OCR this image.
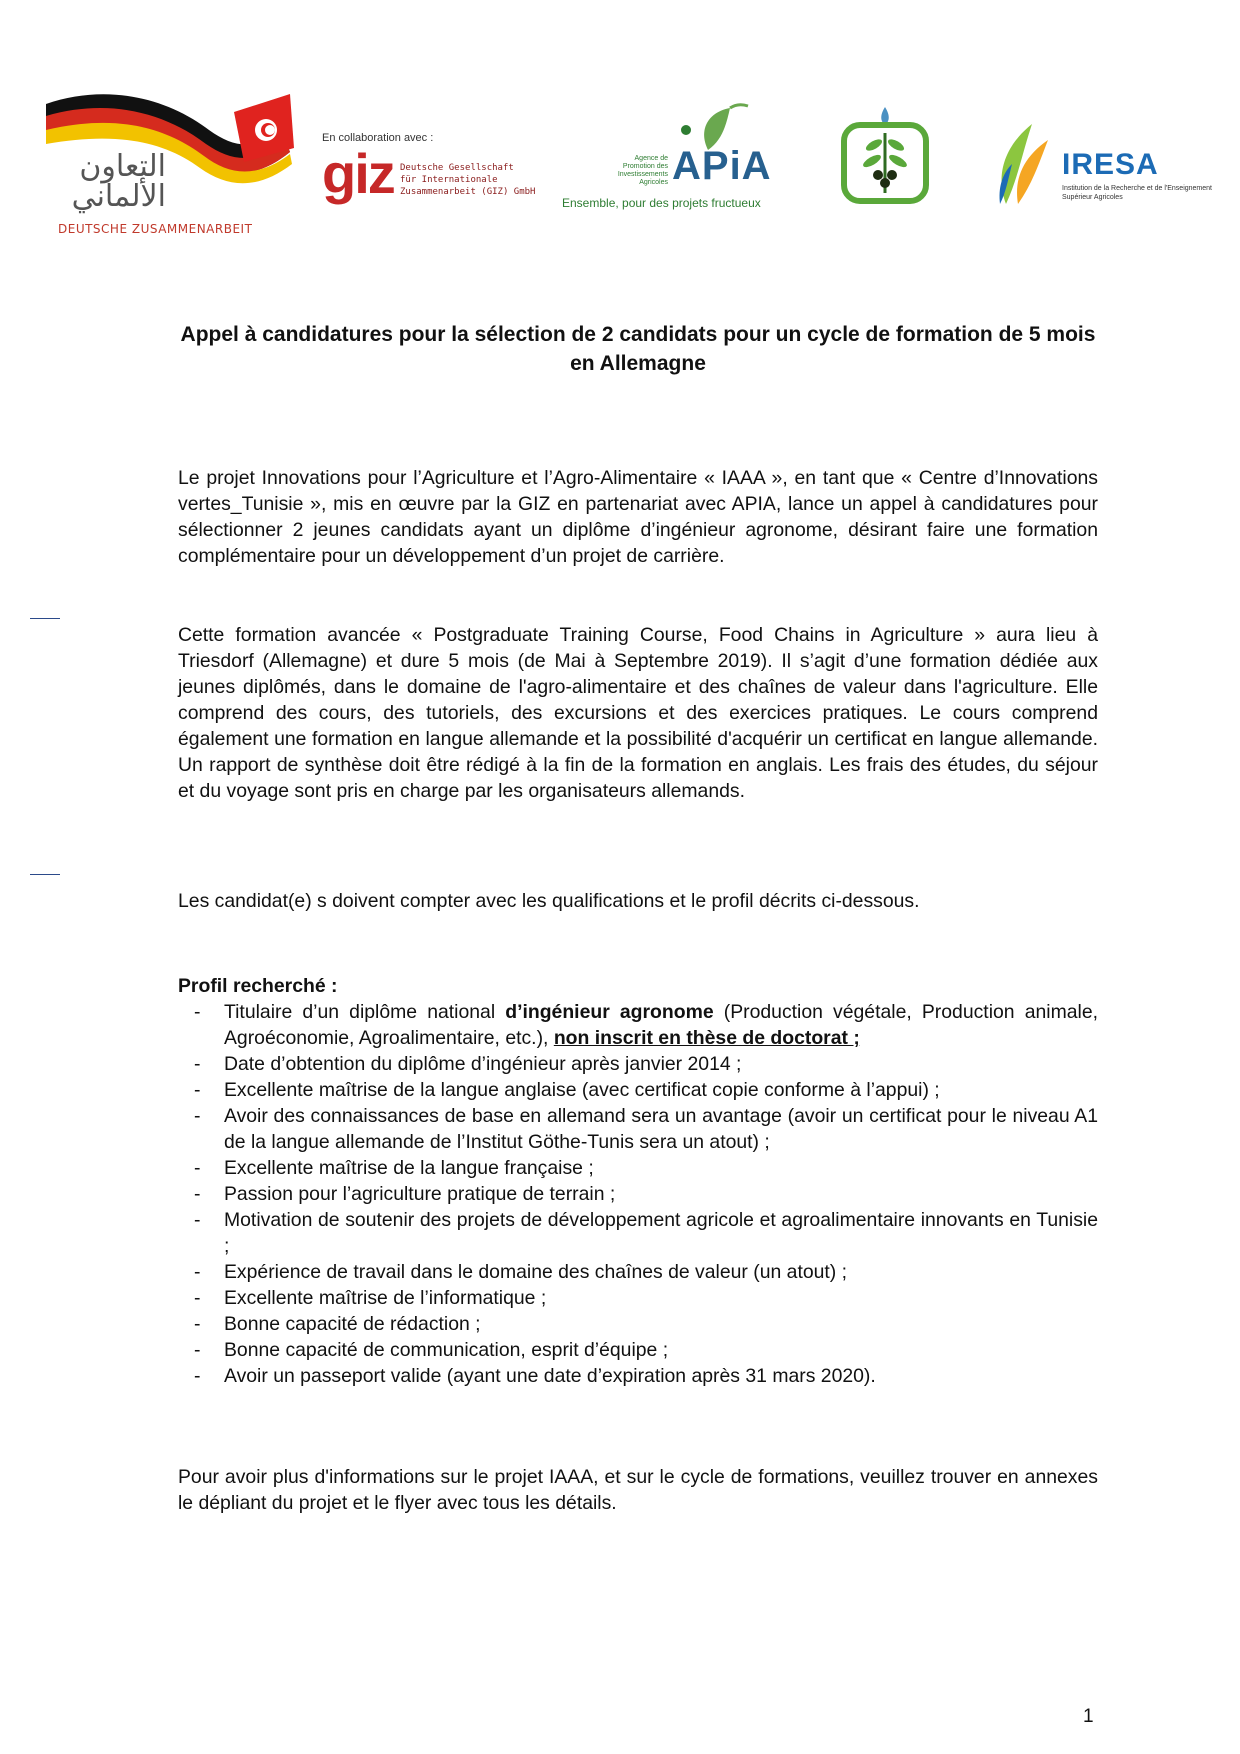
التعاون الألماني
DEUTSCHE ZUSAMMENARBEIT
En collaboration avec :
giz Deutsche Gesellschaft
für Internationale
Zusammenarbeit (GIZ) GmbH
Agence de Promotion des Investissements Agricoles APiA
Ensemble, pour des projets fructueux
IRESA
Institution de la Recherche et de l'Enseignement Supérieur Agricoles
Appel à candidatures pour la sélection de 2 candidats pour un cycle de formation de 5 mois en Allemagne

Le projet Innovations pour l’Agriculture et l’Agro-Alimentaire « IAAA », en tant que « Centre d’Innovations vertes_Tunisie », mis en œuvre par la GIZ en partenariat avec APIA, lance un appel à candidatures pour sélectionner 2 jeunes candidats ayant un diplôme d’ingénieur agronome, désirant faire une formation complémentaire pour un développement d’un projet de carrière.

Cette formation avancée « Postgraduate Training Course, Food Chains in Agriculture » aura lieu à Triesdorf (Allemagne) et dure 5 mois (de Mai à Septembre 2019). Il s’agit d’une formation dédiée aux jeunes diplômés, dans le domaine de l'agro-alimentaire et des chaînes de valeur dans l'agriculture. Elle comprend des cours, des tutoriels, des excursions et des exercices pratiques. Le cours comprend également une formation en langue allemande et la possibilité d'acquérir un certificat en langue allemande. Un rapport de synthèse doit être rédigé à la fin de la formation en anglais. Les frais des études, du séjour et du voyage sont pris en charge par les organisateurs allemands.

Les candidat(e) s doivent compter avec les qualifications et le profil décrits ci-dessous.

Profil recherché :

- Titulaire d’un diplôme national d’ingénieur agronome (Production végétale, Production animale, Agroéconomie, Agroalimentaire, etc.), non inscrit en thèse de doctorat ;
- Date d’obtention du diplôme d’ingénieur après janvier 2014 ;
- Excellente maîtrise de la langue anglaise (avec certificat copie conforme à l’appui) ;
- Avoir des connaissances de base en allemand sera un avantage (avoir un certificat pour le niveau A1 de la langue allemande de l’Institut Göthe-Tunis sera un atout) ;
- Excellente maîtrise de la langue française ;
- Passion pour l’agriculture pratique de terrain ;
- Motivation de soutenir des projets de développement agricole et agroalimentaire innovants en Tunisie ;
- Expérience de travail dans le domaine des chaînes de valeur (un atout) ;
- Excellente maîtrise de l’informatique ;
- Bonne capacité de rédaction ;
- Bonne capacité de communication, esprit d’équipe ;
- Avoir un passeport valide (ayant une date d’expiration après 31 mars 2020).

Pour avoir plus d'informations sur le projet IAAA, et sur le cycle de formations, veuillez trouver en annexes le dépliant du projet et le flyer avec tous les détails.

1
